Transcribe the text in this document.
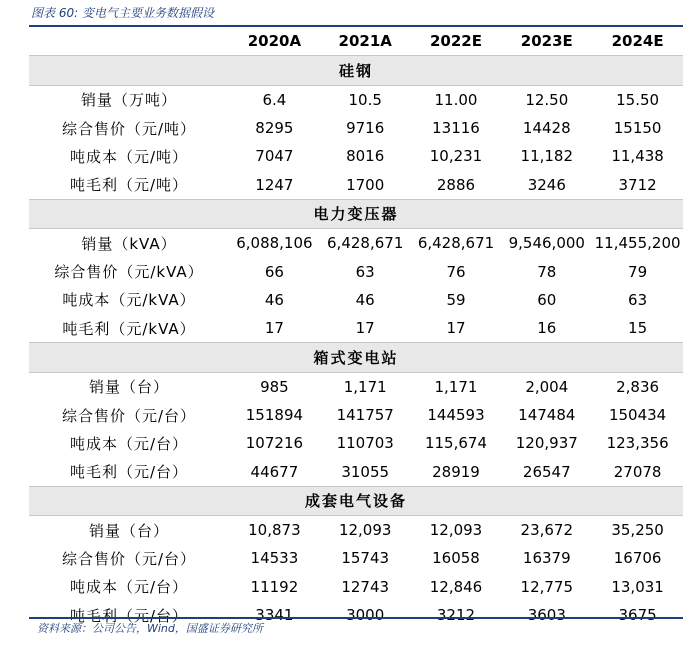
图表 60: 变电气主要业务数据假设
	2020A	2021A	2022E	2023E	2024E
硅钢					
销量（万吨）	6.4	10.5	11.00	12.50	15.50
综合售价（元/吨）	8295	9716	13116	14428	15150
吨成本（元/吨）	7047	8016	10,231	11,182	11,438
吨毛利（元/吨）	1247	1700	2886	3246	3712
电力变压器					
销量（kVA）	6,088,106	6,428,671	6,428,671	9,546,000	11,455,200
综合售价（元/kVA）	66	63	76	78	79
吨成本（元/kVA）	46	46	59	60	63
吨毛利（元/kVA）	17	17	17	16	15
箱式变电站					
销量（台）	985	1,171	1,171	2,004	2,836
综合售价（元/台）	151894	141757	144593	147484	150434
吨成本（元/台）	107216	110703	115,674	120,937	123,356
吨毛利（元/台）	44677	31055	28919	26547	27078
成套电气设备					
销量（台）	10,873	12,093	12,093	23,672	35,250
综合售价（元/台）	14533	15743	16058	16379	16706
吨成本（元/台）	11192	12743	12,846	12,775	13,031
吨毛利（元/台）	3341	3000	3212	3603	3675
资料来源：公司公告，Wind，国盛证券研究所
